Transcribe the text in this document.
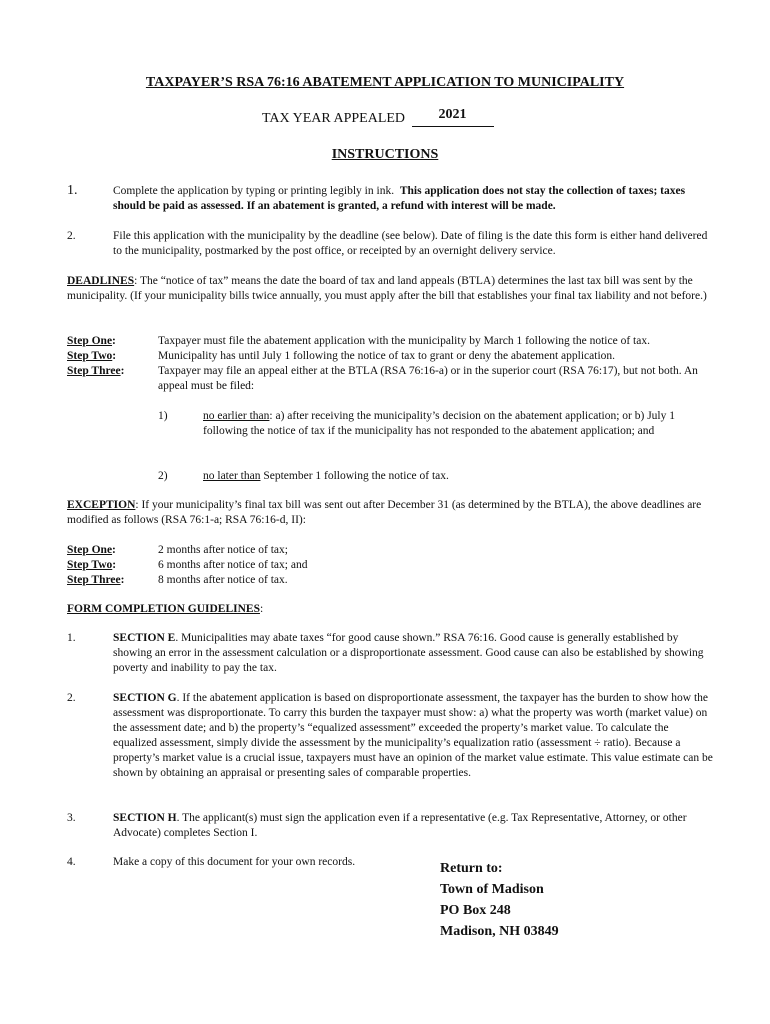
TAXPAYER’S RSA 76:16 ABATEMENT APPLICATION TO MUNICIPALITY
TAX YEAR APPEALED 2021
INSTRUCTIONS
1.	Complete the application by typing or printing legibly in ink. This application does not stay the collection of taxes; taxes should be paid as assessed. If an abatement is granted, a refund with interest will be made.
2.	File this application with the municipality by the deadline (see below). Date of filing is the date this form is either hand delivered to the municipality, postmarked by the post office, or receipted by an overnight delivery service.
DEADLINES: The “notice of tax” means the date the board of tax and land appeals (BTLA) determines the last tax bill was sent by the municipality. (If your municipality bills twice annually, you must apply after the bill that establishes your final tax liability and not before.)
Step One:	Taxpayer must file the abatement application with the municipality by March 1 following the notice of tax.
Step Two:	Municipality has until July 1 following the notice of tax to grant or deny the abatement application.
Step Three:	Taxpayer may file an appeal either at the BTLA (RSA 76:16-a) or in the superior court (RSA 76:17), but not both. An appeal must be filed:
1)	no earlier than: a) after receiving the municipality’s decision on the abatement application; or b) July 1 following the notice of tax if the municipality has not responded to the abatement application; and
2)	no later than September 1 following the notice of tax.
EXCEPTION: If your municipality’s final tax bill was sent out after December 31 (as determined by the BTLA), the above deadlines are modified as follows (RSA 76:1-a; RSA 76:16-d, II):
Step One:	2 months after notice of tax;
Step Two:	6 months after notice of tax; and
Step Three:	8 months after notice of tax.
FORM COMPLETION GUIDELINES:
1.	SECTION E. Municipalities may abate taxes “for good cause shown.” RSA 76:16. Good cause is generally established by showing an error in the assessment calculation or a disproportionate assessment. Good cause can also be established by showing poverty and inability to pay the tax.
2.	SECTION G. If the abatement application is based on disproportionate assessment, the taxpayer has the burden to show how the assessment was disproportionate. To carry this burden the taxpayer must show: a) what the property was worth (market value) on the assessment date; and b) the property’s “equalized assessment” exceeded the property’s market value. To calculate the equalized assessment, simply divide the assessment by the municipality’s equalization ratio (assessment ÷ ratio). Because a property’s market value is a crucial issue, taxpayers must have an opinion of the market value estimate. This value estimate can be shown by obtaining an appraisal or presenting sales of comparable properties.
3.	SECTION H. The applicant(s) must sign the application even if a representative (e.g. Tax Representative, Attorney, or other Advocate) completes Section I.
4.	Make a copy of this document for your own records.	Return to:
Town of Madison
PO Box 248
Madison, NH 03849
